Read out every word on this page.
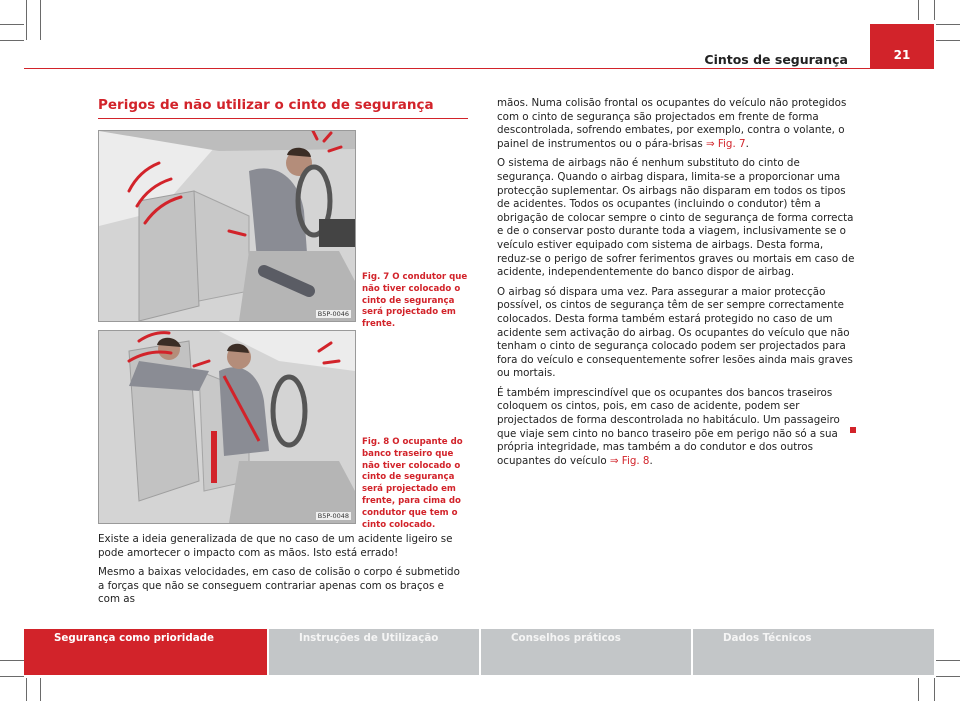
Cintos de segurança	21
Perigos de não utilizar o cinto de segurança
B5P-0046
Fig. 7 O condutor que não tiver colocado o cinto de segurança será projectado em frente.
B5P-0048
Fig. 8 O ocupante do banco traseiro que não tiver colocado o cinto de segurança será projectado em frente, para cima do condutor que tem o cinto colocado.

Existe a ideia generalizada de que no caso de um acidente ligeiro se pode amortecer o impacto com as mãos. Isto está errado!

Mesmo a baixas velocidades, em caso de colisão o corpo é submetido a forças que não se conseguem contrariar apenas com os braços e com as

mãos. Numa colisão frontal os ocupantes do veículo não protegidos com o cinto de segurança são projectados em frente de forma descontrolada, sofrendo embates, por exemplo, contra o volante, o painel de instrumentos ou o pára-brisas ⇒ Fig. 7.

O sistema de airbags não é nenhum substituto do cinto de segurança. Quando o airbag dispara, limita-se a proporcionar uma protecção suplementar. Os airbags não disparam em todos os tipos de acidentes. Todos os ocupantes (incluindo o condutor) têm a obrigação de colocar sempre o cinto de segurança de forma correcta e de o conservar posto durante toda a viagem, inclusivamente se o veículo estiver equipado com sistema de airbags. Desta forma, reduz-se o perigo de sofrer ferimentos graves ou mortais em caso de acidente, independentemente do banco dispor de airbag.

O airbag só dispara uma vez. Para assegurar a maior protecção possível, os cintos de segurança têm de ser sempre correctamente colocados. Desta forma também estará protegido no caso de um acidente sem activação do airbag. Os ocupantes do veículo que não tenham o cinto de segurança colocado podem ser projectados para fora do veículo e consequentemente sofrer lesões ainda mais graves ou mortais.

É também imprescindível que os ocupantes dos bancos traseiros coloquem os cintos, pois, em caso de acidente, podem ser projectados de forma descontrolada no habitáculo. Um passageiro que viaje sem cinto no banco traseiro põe em perigo não só a sua própria integridade, mas também a do condutor e dos outros ocupantes do veículo ⇒ Fig. 8.

Segurança como prioridade	Instruções de Utilização	Conselhos práticos	Dados Técnicos
